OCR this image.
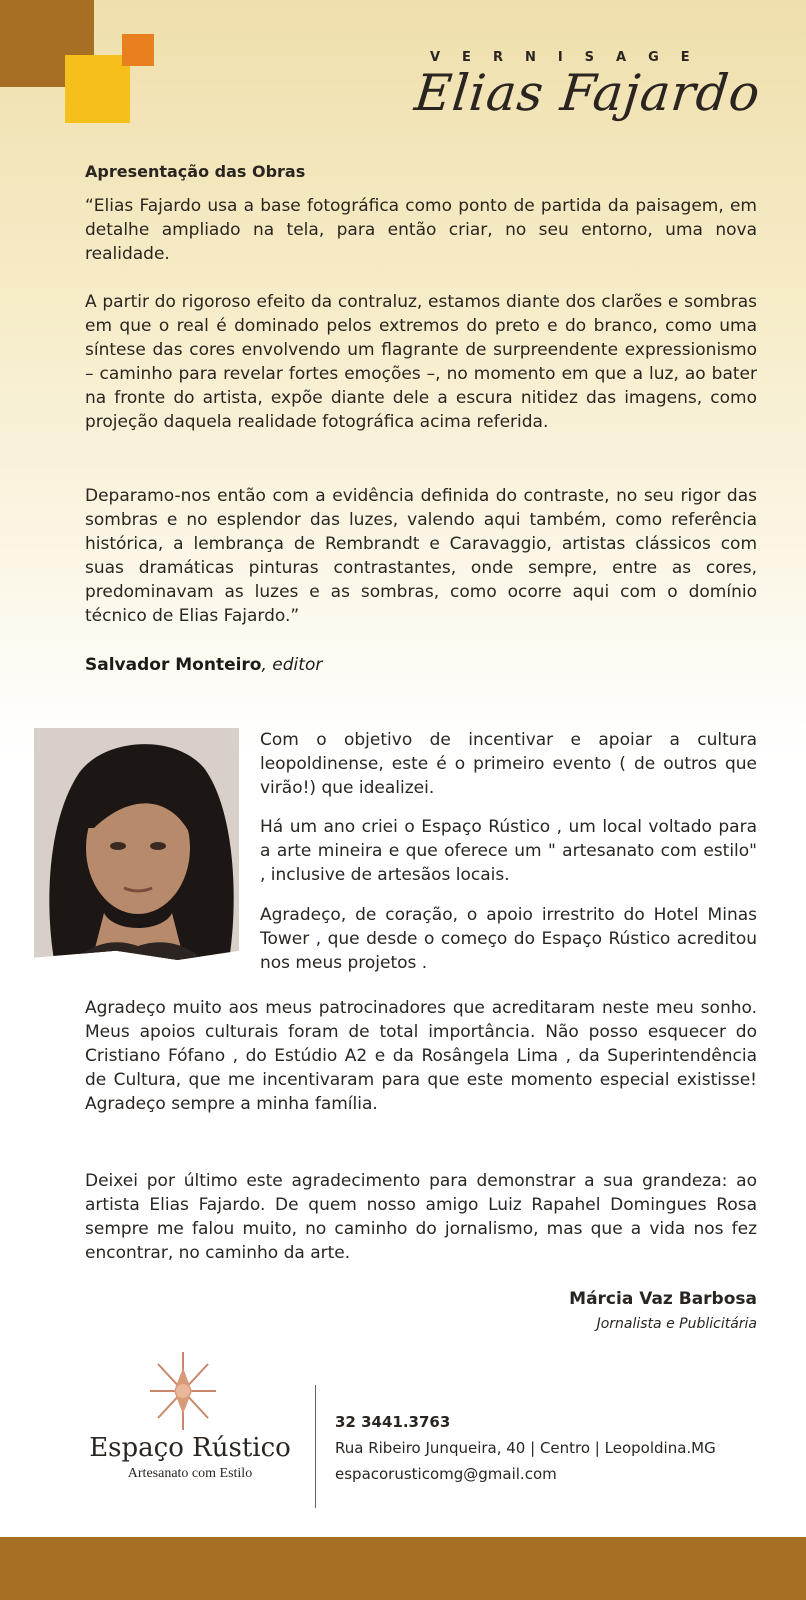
VERNISAGE
Elias Fajardo
Apresentação das Obras

“Elias Fajardo usa a base fotográfica como ponto de partida da paisagem, em detalhe ampliado na tela, para então criar, no seu entorno, uma nova realidade.

A partir do rigoroso efeito da contraluz, estamos diante dos clarões e sombras em que o real é dominado pelos extremos do preto e do branco, como uma síntese das cores envolvendo um flagrante de surpreendente expressionismo – caminho para revelar fortes emoções –, no momento em que a luz, ao bater na fronte do artista, expõe diante dele a escura nitidez das imagens, como projeção daquela realidade fotográfica acima referida.

Deparamo-nos então com a evidência definida do contraste, no seu rigor das sombras e no esplendor das luzes, valendo aqui também, como referência histórica, a lembrança de Rembrandt e Caravaggio, artistas clássicos com suas dramáticas pinturas contrastantes, onde sempre, entre as cores, predominavam as luzes e as sombras, como ocorre aqui com o domínio técnico de Elias Fajardo.”

Salvador Monteiro, editor

Com o objetivo de incentivar e apoiar a cultura leopoldinense, este é o primeiro evento ( de outros que virão!) que idealizei.

Há um ano criei o Espaço Rústico , um local voltado para a arte mineira e que oferece um " artesanato com estilo" , inclusive de artesãos locais.

Agradeço, de coração, o apoio irrestrito do Hotel Minas Tower , que desde o começo do Espaço Rústico acreditou nos meus projetos .

Agradeço muito aos meus patrocinadores que acreditaram neste meu sonho. Meus apoios culturais foram de total importância. Não posso esquecer do Cristiano Fófano , do Estúdio A2 e da Rosângela Lima , da Superintendência de Cultura, que me incentivaram para que este momento especial existisse! Agradeço sempre a minha família.

Deixei por último este agradecimento para demonstrar a sua grandeza: ao artista Elias Fajardo. De quem nosso amigo Luiz Rapahel Domingues Rosa sempre me falou muito, no caminho do jornalismo, mas que a vida nos fez encontrar, no caminho da arte.

Márcia Vaz Barbosa
Jornalista e Publicitária
Espaço Rústico
Artesanato com Estilo
32 3441.3763
Rua Ribeiro Junqueira, 40 | Centro | Leopoldina.MG
espacorusticomg@gmail.com
